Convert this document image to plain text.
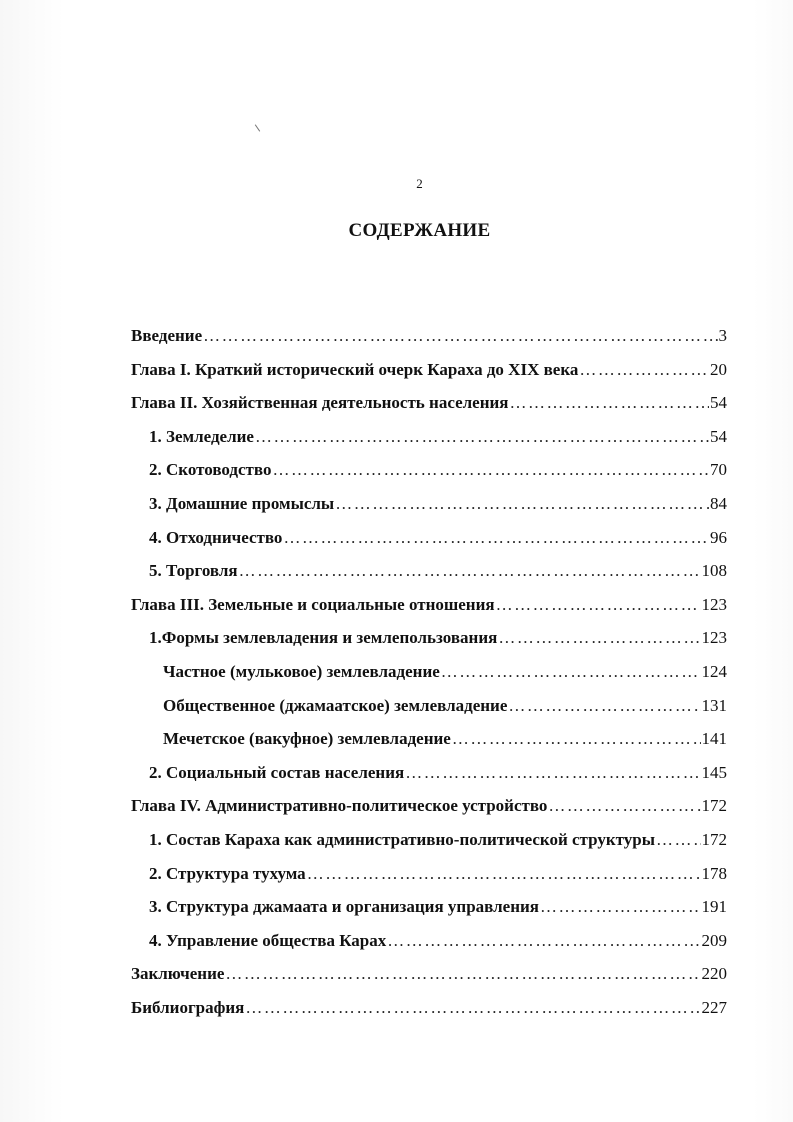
2
СОДЕРЖАНИЕ
Введение ………………………………………………………………………………………………………………………………………………………………	3
Глава I. Краткий исторический очерк Караха до XIX века ………………………………………………………………………………………………………………………………………………………………	20
Глава II. Хозяйственная деятельность населения ………………………………………………………………………………………………………………………………………………………………	54
1. Земледелие ………………………………………………………………………………………………………………………………………………………………	54
2. Скотоводство ………………………………………………………………………………………………………………………………………………………………	70
3. Домашние промыслы ………………………………………………………………………………………………………………………………………………………………	84
4. Отходничество ………………………………………………………………………………………………………………………………………………………………	96
5. Торговля ………………………………………………………………………………………………………………………………………………………………	108
Глава III. Земельные и социальные отношения ………………………………………………………………………………………………………………………………………………………………	123
1.Формы землевладения и землепользования ………………………………………………………………………………………………………………………………………………………………	123
Частное (мульковое) землевладение ………………………………………………………………………………………………………………………………………………………………	124
Общественное (джамаатское) землевладение ………………………………………………………………………………………………………………………………………………………………	131
Мечетское (вакуфное) землевладение ………………………………………………………………………………………………………………………………………………………………	141
2. Социальный состав населения ………………………………………………………………………………………………………………………………………………………………	145
Глава IV. Административно-политическое устройство ………………………………………………………………………………………………………………………………………………………………	172
1. Состав Караха как административно-политической структуры ………………………………………………………………………………………………………………………………………………………………	172
2. Структура тухума ………………………………………………………………………………………………………………………………………………………………	178
3. Структура джамаата и организация управления ………………………………………………………………………………………………………………………………………………………………	191
4. Управление общества Карах ………………………………………………………………………………………………………………………………………………………………	209
Заключение ………………………………………………………………………………………………………………………………………………………………	220
Библиография ………………………………………………………………………………………………………………………………………………………………	227
